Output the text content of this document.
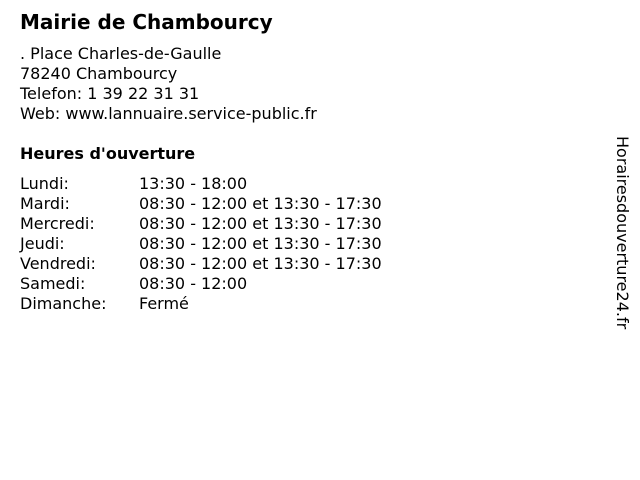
Mairie de Chambourcy
. Place Charles-de-Gaulle
78240 Chambourcy
Telefon: 1 39 22 31 31
Web: www.lannuaire.service-public.fr
Heures d'ouverture
Lundi:	13:30 - 18:00
Mardi:	08:30 - 12:00 et 13:30 - 17:30
Mercredi:	08:30 - 12:00 et 13:30 - 17:30
Jeudi:	08:30 - 12:00 et 13:30 - 17:30
Vendredi:	08:30 - 12:00 et 13:30 - 17:30
Samedi:	08:30 - 12:00
Dimanche:	Fermé	Horairesdouverture24.fr
